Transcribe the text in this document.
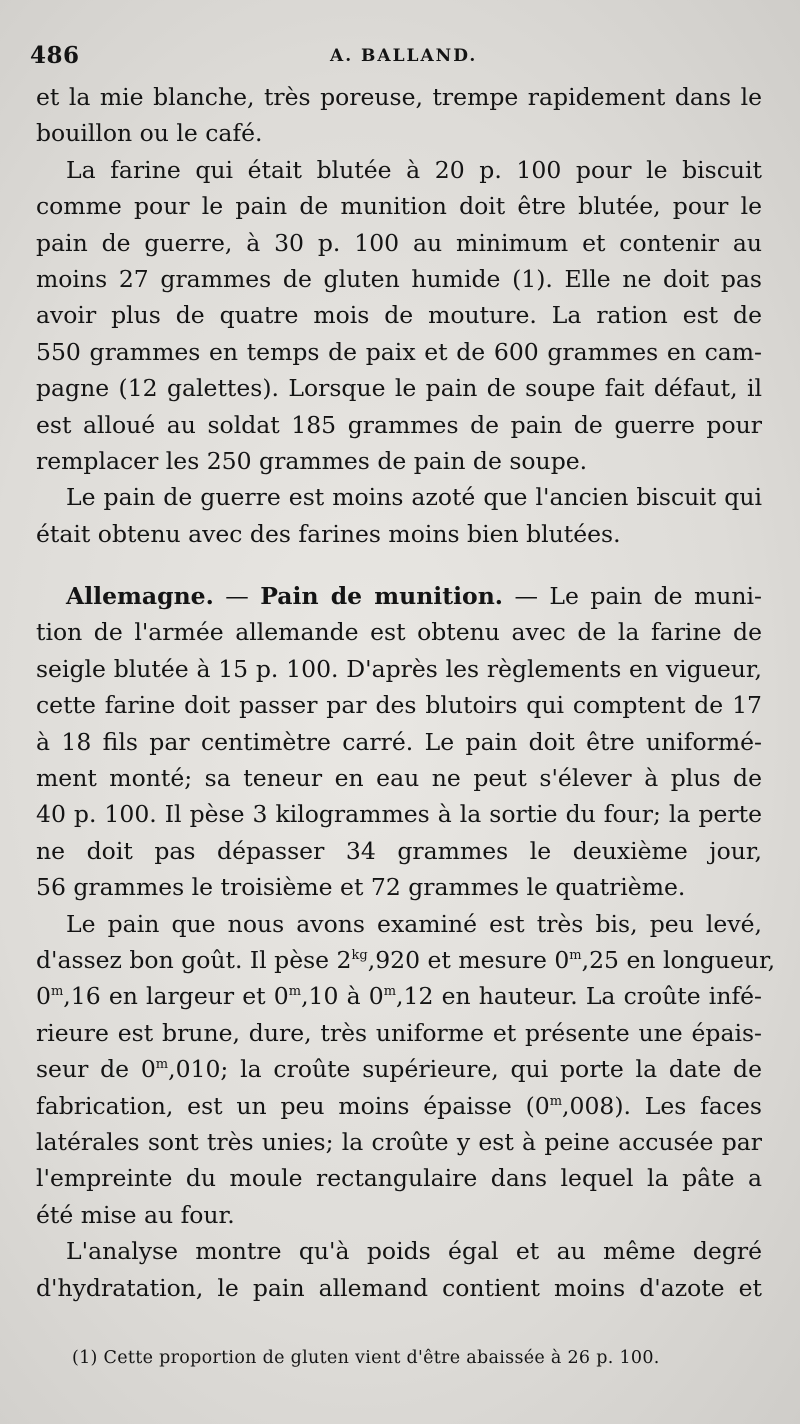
486	A. BALLAND.
et la mie blanche, très poreuse, trempe rapidement dans le
bouillon ou le café.
La farine qui était blutée à 20 p. 100 pour le biscuit
comme pour le pain de munition doit être blutée, pour le
pain de guerre, à 30 p. 100 au minimum et contenir au
moins 27 grammes de gluten humide (1). Elle ne doit pas
avoir plus de quatre mois de mouture. La ration est de
550 grammes en temps de paix et de 600 grammes en cam-
pagne (12 galettes). Lorsque le pain de soupe fait défaut, il
est alloué au soldat 185 grammes de pain de guerre pour
remplacer les 250 grammes de pain de soupe.
Le pain de guerre est moins azoté que l'ancien biscuit qui
était obtenu avec des farines moins bien blutées.
Allemagne. — Pain de munition. — Le pain de muni-
tion de l'armée allemande est obtenu avec de la farine de
seigle blutée à 15 p. 100. D'après les règlements en vigueur,
cette farine doit passer par des blutoirs qui comptent de 17
à 18 fils par centimètre carré. Le pain doit être uniformé-
ment monté; sa teneur en eau ne peut s'élever à plus de
40 p. 100. Il pèse 3 kilogrammes à la sortie du four; la perte
ne doit pas dépasser 34 grammes le deuxième jour,
56 grammes le troisième et 72 grammes le quatrième.
Le pain que nous avons examiné est très bis, peu levé,
d'assez bon goût. Il pèse $2^{kg},920$ et mesure 0$^m$,25 en longueur,
0$^m$,16 en largeur et 0$^m$,10 à 0$^m$,12 en hauteur. La croûte infé-
rieure est brune, dure, très uniforme et présente une épais-
seur de 0$^m$,010; la croûte supérieure, qui porte la date de
fabrication, est un peu moins épaisse (0$^m$,008). Les faces
latérales sont très unies; la croûte y est à peine accusée par
l'empreinte du moule rectangulaire dans lequel la pâte a
été mise au four.
L'analyse montre qu'à poids égal et au même degré
d'hydratation, le pain allemand contient moins d'azote et
(1) Cette proportion de gluten vient d'être abaissée à 26 p. 100.
